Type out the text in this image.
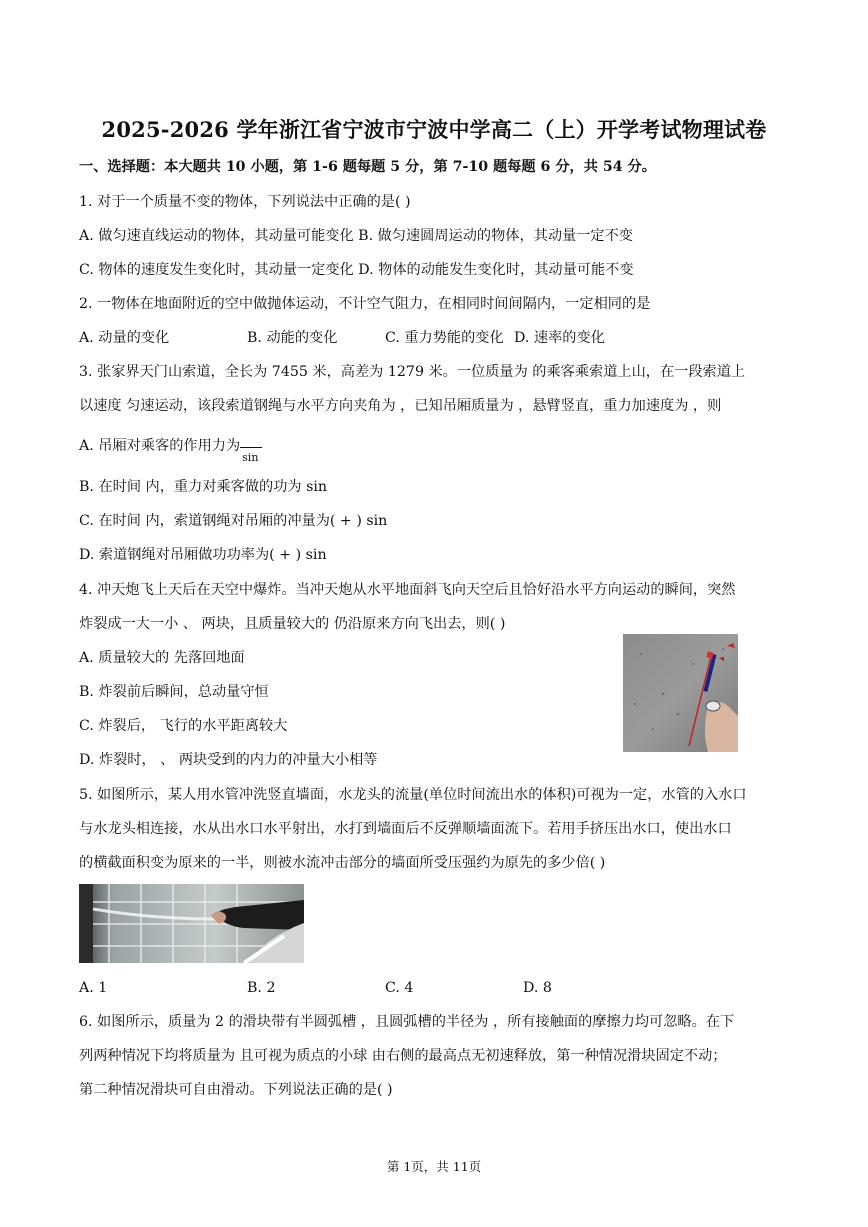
2025-2026 学年浙江省宁波市宁波中学高二（上）开学考试物理试卷
一、选择题：本大题共 10 小题，第 1-6 题每题 5 分，第 7-10 题每题 6 分，共 54 分。
1. 对于一个质量不变的物体，下列说法中正确的是( )
A. 做匀速直线运动的物体，其动量可能变化 B. 做匀速圆周运动的物体，其动量一定不变
C. 物体的速度发生变化时，其动量一定变化 D. 物体的动能发生变化时，其动量可能不变
2. 一物体在地面附近的空中做抛体运动，不计空气阻力，在相同时间间隔内，一定相同的是
A. 动量的变化	B. 动能的变化	C. 重力势能的变化 D. 速率的变化
3. 张家界天门山索道，全长为 7455 米，高差为 1279 米。一位质量为 的乘客乘索道上山，在一段索道上
以速度 匀速运动，该段索道钢绳与水平方向夹角为 ，已知吊厢质量为 ，悬臂竖直，重力加速度为 ，则
A. 吊厢对乘客的作用力为
sin
B. 在时间 内，重力对乘客做的功为 sin
C. 在时间 内，索道钢绳对吊厢的冲量为( + ) sin
D. 索道钢绳对吊厢做功功率为( + ) sin
4. 冲天炮飞上天后在天空中爆炸。当冲天炮从水平地面斜飞向天空后且恰好沿水平方向运动的瞬间，突然
炸裂成一大一小 、 两块，且质量较大的 仍沿原来方向飞出去，则( )
A. 质量较大的 先落回地面
B. 炸裂前后瞬间，总动量守恒
C. 炸裂后， 飞行的水平距离较大
D. 炸裂时， 、 两块受到的内力的冲量大小相等
5. 如图所示，某人用水管冲洗竖直墙面，水龙头的流量(单位时间流出水的体积)可视为一定，水管的入水口
与水龙头相连接，水从出水口水平射出，水打到墙面后不反弹顺墙面流下。若用手挤压出水口，使出水口
的横截面积变为原来的一半，则被水流冲击部分的墙面所受压强约为原先的多少倍( )
A. 1	B. 2	C. 4	D. 8
6. 如图所示，质量为 2 的滑块带有半圆弧槽 ，且圆弧槽的半径为 ，所有接触面的摩擦力均可忽略。在下
列两种情况下均将质量为 且可视为质点的小球 由右侧的最高点无初速释放，第一种情况滑块固定不动；
第二种情况滑块可自由滑动。下列说法正确的是( )
第 1页，共 11页
